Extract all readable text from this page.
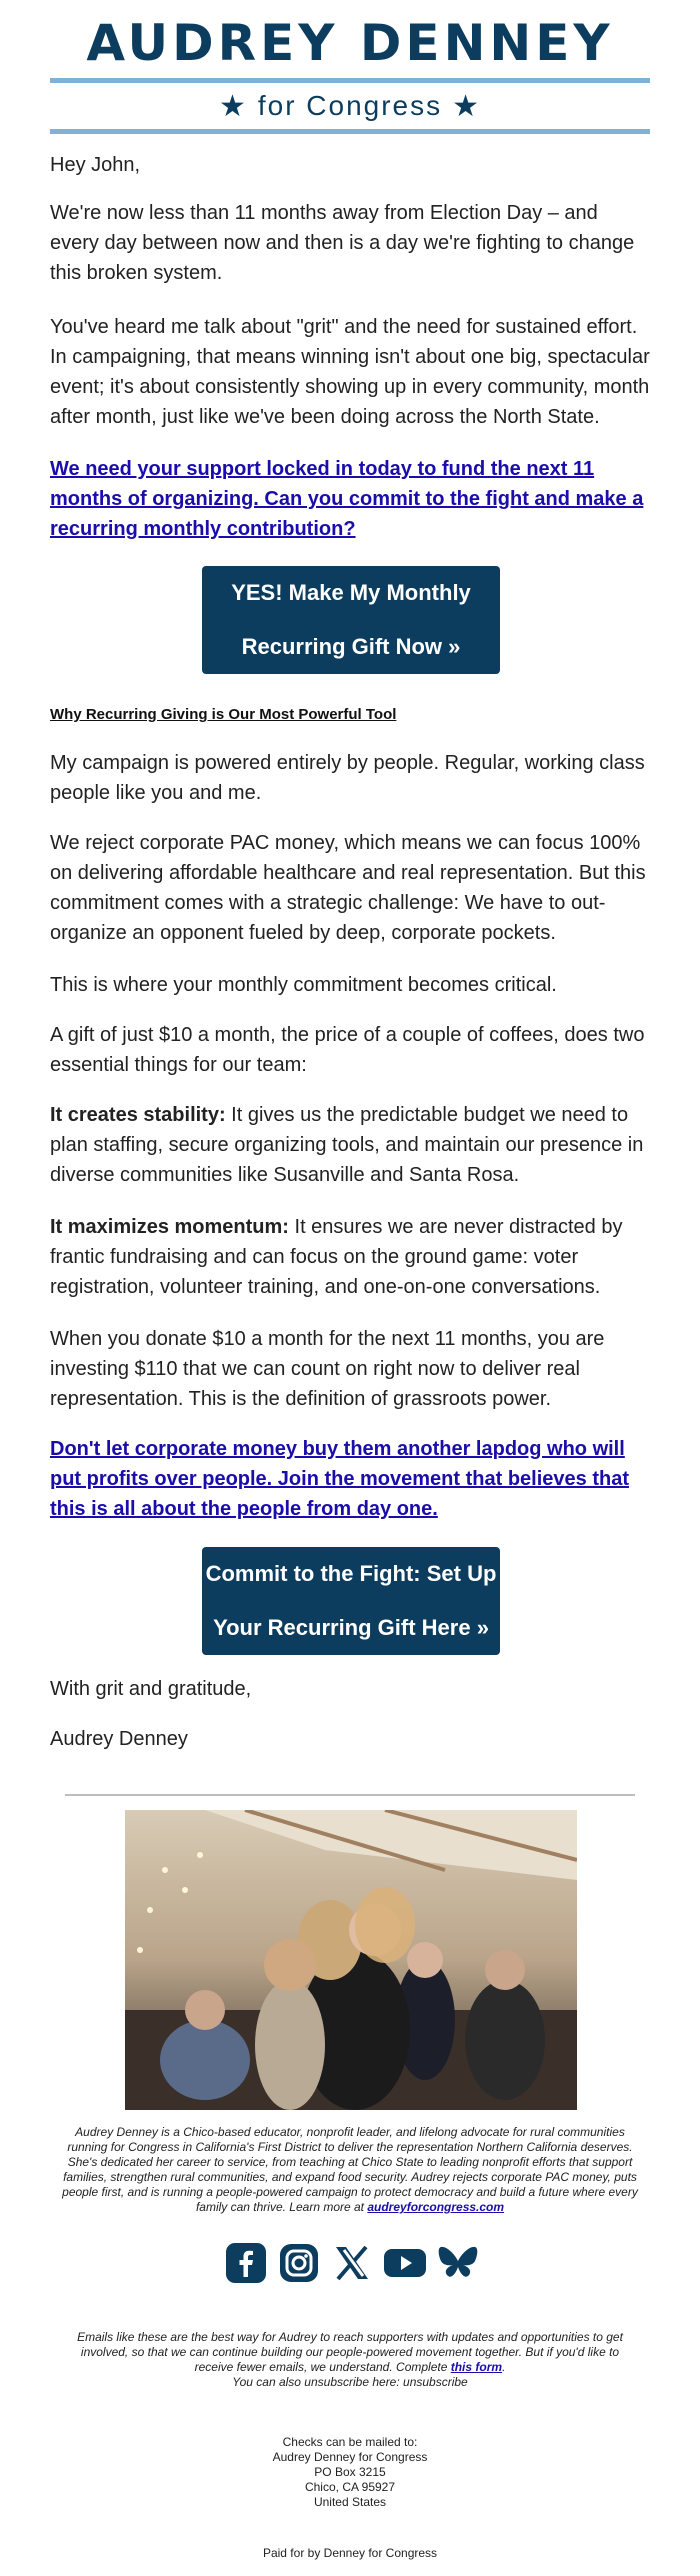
AUDREY DENNEY
★ for Congress ★
Hey John,
We're now less than 11 months away from Election Day – and every day between now and then is a day we're fighting to change this broken system.
You've heard me talk about "grit" and the need for sustained effort. In campaigning, that means winning isn't about one big, spectacular event; it's about consistently showing up in every community, month after month, just like we've been doing across the North State.
We need your support locked in today to fund the next 11 months of organizing. Can you commit to the fight and make a recurring monthly contribution?
YES! Make My Monthly
Recurring Gift Now »
Why Recurring Giving is Our Most Powerful Tool
My campaign is powered entirely by people. Regular, working class people like you and me.
We reject corporate PAC money, which means we can focus 100% on delivering affordable healthcare and real representation. But this commitment comes with a strategic challenge: We have to out-organize an opponent fueled by deep, corporate pockets.
This is where your monthly commitment becomes critical.
A gift of just $10 a month, the price of a couple of coffees, does two essential things for our team:
It creates stability: It gives us the predictable budget we need to plan staffing, secure organizing tools, and maintain our presence in diverse communities like Susanville and Santa Rosa.
It maximizes momentum: It ensures we are never distracted by frantic fundraising and can focus on the ground game: voter registration, volunteer training, and one-on-one conversations.
When you donate $10 a month for the next 11 months, you are investing $110 that we can count on right now to deliver real representation. This is the definition of grassroots power.
Don't let corporate money buy them another lapdog who will put profits over people. Join the movement that believes that this is all about the people from day one.
Commit to the Fight: Set Up
Your Recurring Gift Here »
With grit and gratitude,
Audrey Denney
Audrey Denney is a Chico-based educator, nonprofit leader, and lifelong advocate for rural communities running for Congress in California's First District to deliver the representation Northern California deserves. She's dedicated her career to service, from teaching at Chico State to leading nonprofit efforts that support families, strengthen rural communities, and expand food security. Audrey rejects corporate PAC money, puts people first, and is running a people-powered campaign to protect democracy and build a future where every family can thrive. Learn more at audreyforcongress.com
Emails like these are the best way for Audrey to reach supporters with updates and opportunities to get involved, so that we can continue building our people-powered movement together. But if you'd like to receive fewer emails, we understand. Complete this form.
You can also unsubscribe here: unsubscribe
Checks can be mailed to:
Audrey Denney for Congress
PO Box 3215
Chico, CA 95927
United States
Paid for by Denney for Congress
